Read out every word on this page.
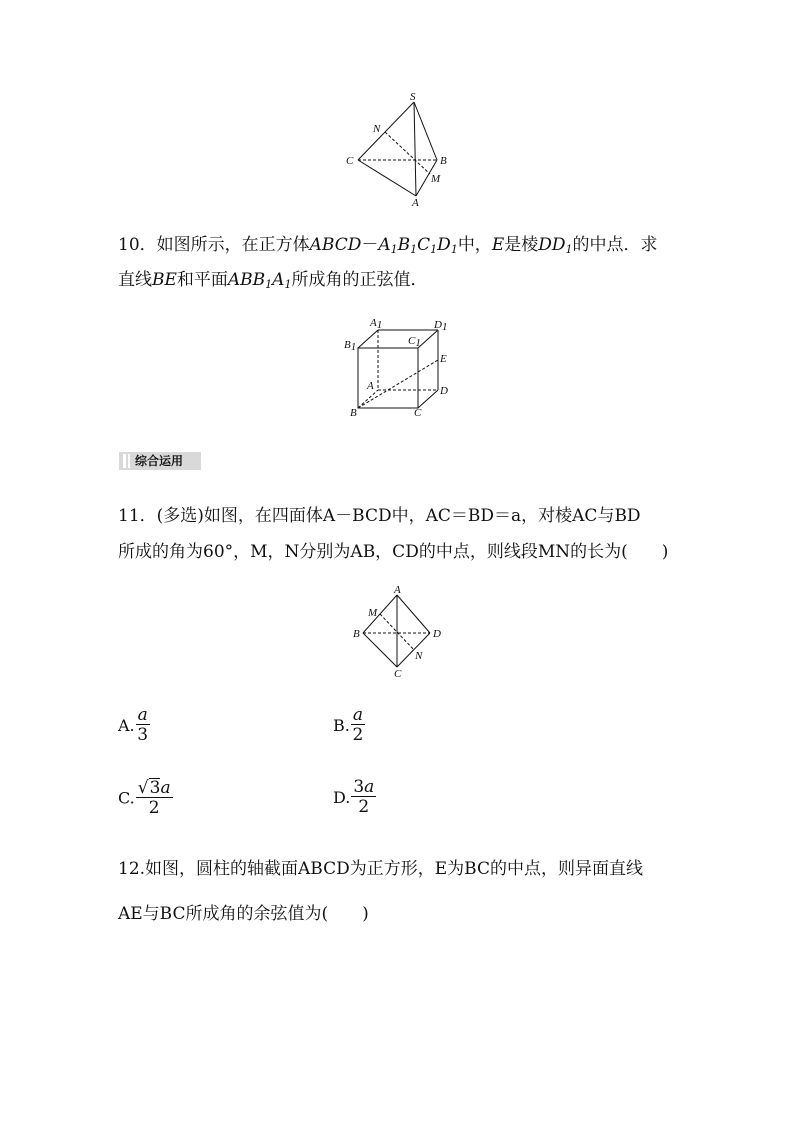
S
N
C	B
M
A
10．如图所示，在正方体$ABCD-A_1B_1C_1D_1$中，E是棱$DD_1$的中点．求
直线BE和平面$ABB_1A_1$所成角的正弦值．
A1	D1
B1	C1
E
A	D
B	C
综合运用
11．(多选)如图，在四面体A－BCD中，AC＝BD＝a，对棱AC与BD
所成的角为60°，M，N分别为AB，CD的中点，则线段MN的长为(　　)
A
M
B	D
N
C
A. $\frac{a}{3}$	B. $\frac{a}{2}$
C. $\frac{√3a}{2}$	D. $\frac{3a}{2}$
12.如图，圆柱的轴截面ABCD为正方形，E为BC的中点，则异面直线
AE与BC所成角的余弦值为(　　)
